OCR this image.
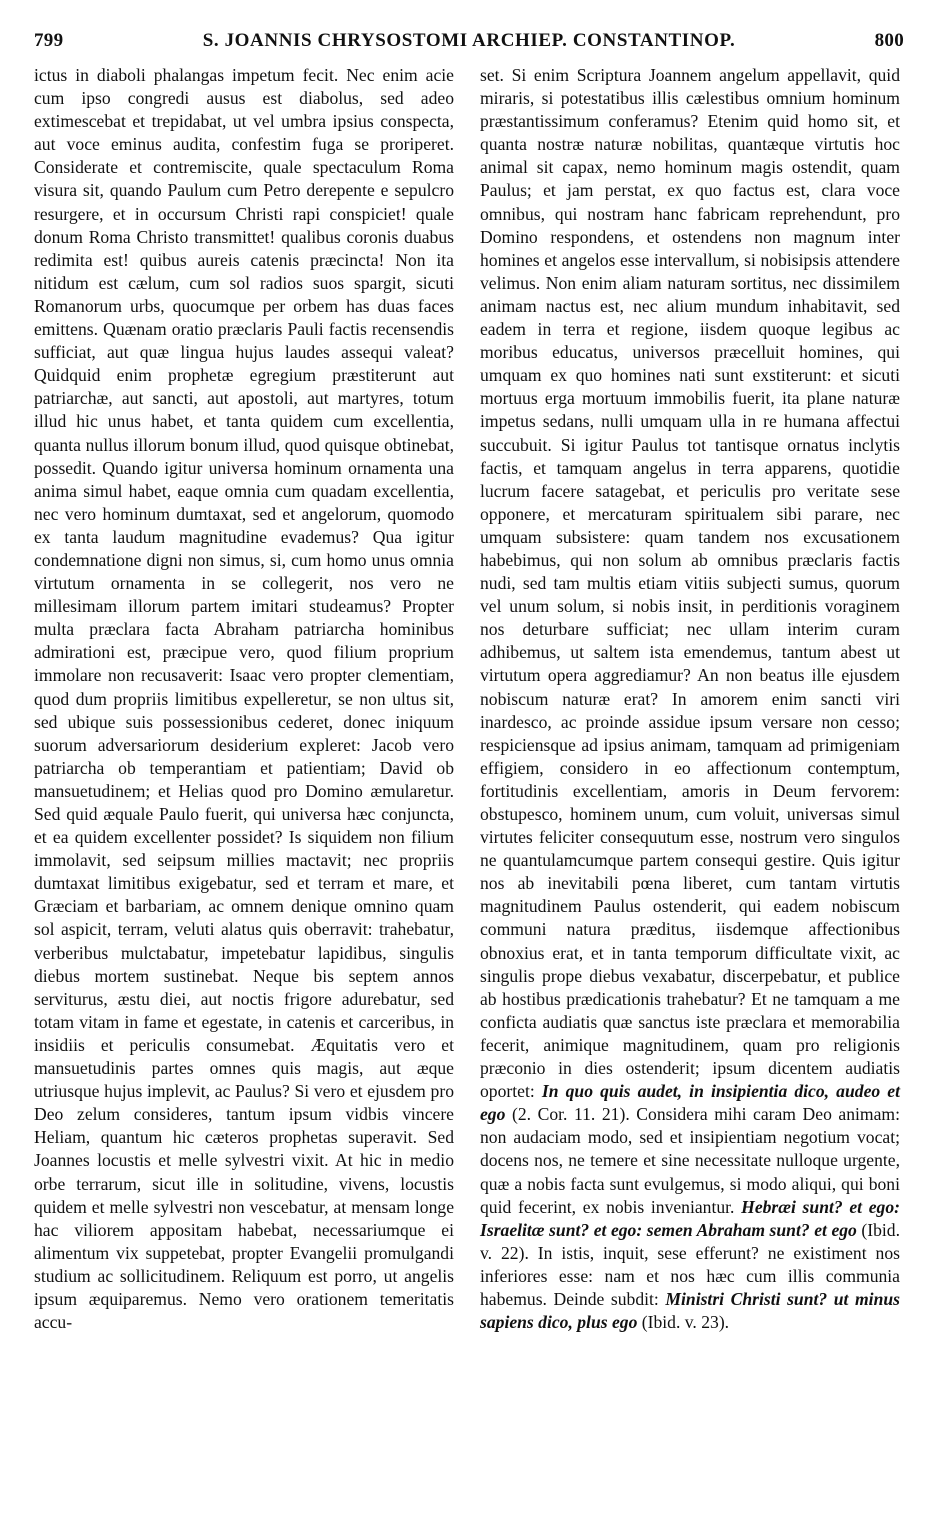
799	S. JOANNIS CHRYSOSTOMI ARCHIEP. CONSTANTINOP.	800

ictus in diaboli phalangas impetum fecit. Nec enim acie cum ipso congredi ausus est diabolus, sed adeo extimescebat et trepidabat, ut vel umbra ipsius conspecta, aut voce eminus audita, confestim fuga se proriperet. Considerate et contremiscite, quale spectaculum Roma visura sit, quando Paulum cum Petro derepente e sepulcro resurgere, et in occursum Christi rapi conspiciet! quale donum Roma Christo transmittet! qualibus coronis duabus redimita est! quibus aureis catenis præcincta! Non ita nitidum est cælum, cum sol radios suos spargit, sicuti Romanorum urbs, quocumque per orbem has duas faces emittens. Quænam oratio præclaris Pauli factis recensendis sufficiat, aut quæ lingua hujus laudes assequi valeat? Quidquid enim prophetæ egregium præstiterunt aut patriarchæ, aut sancti, aut apostoli, aut martyres, totum illud hic unus habet, et tanta quidem cum excellentia, quanta nullus illorum bonum illud, quod quisque obtinebat, possedit. Quando igitur universa hominum ornamenta una anima simul habet, eaque omnia cum quadam excellentia, nec vero hominum dumtaxat, sed et angelorum, quomodo ex tanta laudum magnitudine evademus? Qua igitur condemnatione digni non simus, si, cum homo unus omnia virtutum ornamenta in se collegerit, nos vero ne millesimam illorum partem imitari studeamus? Propter multa præclara facta Abraham patriarcha hominibus admirationi est, præcipue vero, quod filium proprium immolare non recusaverit: Isaac vero propter clementiam, quod dum propriis limitibus expelleretur, se non ultus sit, sed ubique suis possessionibus cederet, donec iniquum suorum adversariorum desiderium expleret: Jacob vero patriarcha ob temperantiam et patientiam; David ob mansuetudinem; et Helias quod pro Domino æmularetur. Sed quid æquale Paulo fuerit, qui universa hæc conjuncta, et ea quidem excellenter possidet? Is siquidem non filium immolavit, sed seipsum millies mactavit; nec propriis dumtaxat limitibus exigebatur, sed et terram et mare, et Græciam et barbariam, ac omnem denique omnino quam sol aspicit, terram, veluti alatus quis oberravit: trahebatur, verberibus mulctabatur, impetebatur lapidibus, singulis diebus mortem sustinebat. Neque bis septem annos serviturus, æstu diei, aut noctis frigore adurebatur, sed totam vitam in fame et egestate, in catenis et carceribus, in insidiis et periculis consumebat. Æquitatis vero et mansuetudinis partes omnes quis magis, aut æque utriusque hujus implevit, ac Paulus? Si vero et ejusdem pro Deo zelum consideres, tantum ipsum vidbis vincere Heliam, quantum hic cæteros prophetas superavit. Sed Joannes locustis et melle sylvestri vixit. At hic in medio orbe terrarum, sicut ille in solitudine, vivens, locustis quidem et melle sylvestri non vescebatur, at mensam longe hac viliorem appositam habebat, necessariumque ei alimentum vix suppetebat, propter Evangelii promulgandi studium ac sollicitudinem. Reliquum est porro, ut angelis ipsum æquiparemus. Nemo vero orationem temeritatis accu-

set. Si enim Scriptura Joannem angelum appellavit, quid miraris, si potestatibus illis cælestibus omnium hominum præstantissimum conferamus? Etenim quid homo sit, et quanta nostræ naturæ nobilitas, quantæque virtutis hoc animal sit capax, nemo hominum magis ostendit, quam Paulus; et jam perstat, ex quo factus est, clara voce omnibus, qui nostram hanc fabricam reprehendunt, pro Domino respondens, et ostendens non magnum inter homines et angelos esse intervallum, si nobisipsis attendere velimus. Non enim aliam naturam sortitus, nec dissimilem animam nactus est, nec alium mundum inhabitavit, sed eadem in terra et regione, iisdem quoque legibus ac moribus educatus, universos præcelluit homines, qui umquam ex quo homines nati sunt exstiterunt: et sicuti mortuus erga mortuum immobilis fuerit, ita plane naturæ impetus sedans, nulli umquam ulla in re humana affectui succubuit. Si igitur Paulus tot tantisque ornatus inclytis factis, et tamquam angelus in terra apparens, quotidie lucrum facere satagebat, et periculis pro veritate sese opponere, et mercaturam spiritualem sibi parare, nec umquam subsistere: quam tandem nos excusationem habebimus, qui non solum ab omnibus præclaris factis nudi, sed tam multis etiam vitiis subjecti sumus, quorum vel unum solum, si nobis insit, in perditionis voraginem nos deturbare sufficiat; nec ullam interim curam adhibemus, ut saltem ista emendemus, tantum abest ut virtutum opera aggrediamur? An non beatus ille ejusdem nobiscum naturæ erat? In amorem enim sancti viri inardesco, ac proinde assidue ipsum versare non cesso; respiciensque ad ipsius animam, tamquam ad primigeniam effigiem, considero in eo affectionum contemptum, fortitudinis excellentiam, amoris in Deum fervorem: obstupesco, hominem unum, cum voluit, universas simul virtutes feliciter consequutum esse, nostrum vero singulos ne quantulamcumque partem consequi gestire. Quis igitur nos ab inevitabili pœna liberet, cum tantam virtutis magnitudinem Paulus ostenderit, qui eadem nobiscum communi natura præditus, iisdemque affectionibus obnoxius erat, et in tanta temporum difficultate vixit, ac singulis prope diebus vexabatur, discerpebatur, et publice ab hostibus prædicationis trahebatur? Et ne tamquam a me conficta audiatis quæ sanctus iste præclara et memorabilia fecerit, animique magnitudinem, quam pro religionis præconio in dies ostenderit; ipsum dicentem audiatis oportet: In quo quis audet, in insipientia dico, audeo et ego (2. Cor. 11. 21). Considera mihi caram Deo animam: non audaciam modo, sed et insipientiam negotium vocat; docens nos, ne temere et sine necessitate nulloque urgente, quæ a nobis facta sunt evulgemus, si modo aliqui, qui boni quid fecerint, ex nobis inveniantur. Hebræi sunt? et ego: Israelitæ sunt? et ego: semen Abraham sunt? et ego (Ibid. v. 22). In istis, inquit, sese efferunt? ne existiment nos inferiores esse: nam et nos hæc cum illis communia habemus. Deinde subdit: Ministri Christi sunt? ut minus sapiens dico, plus ego (Ibid. v. 23).
